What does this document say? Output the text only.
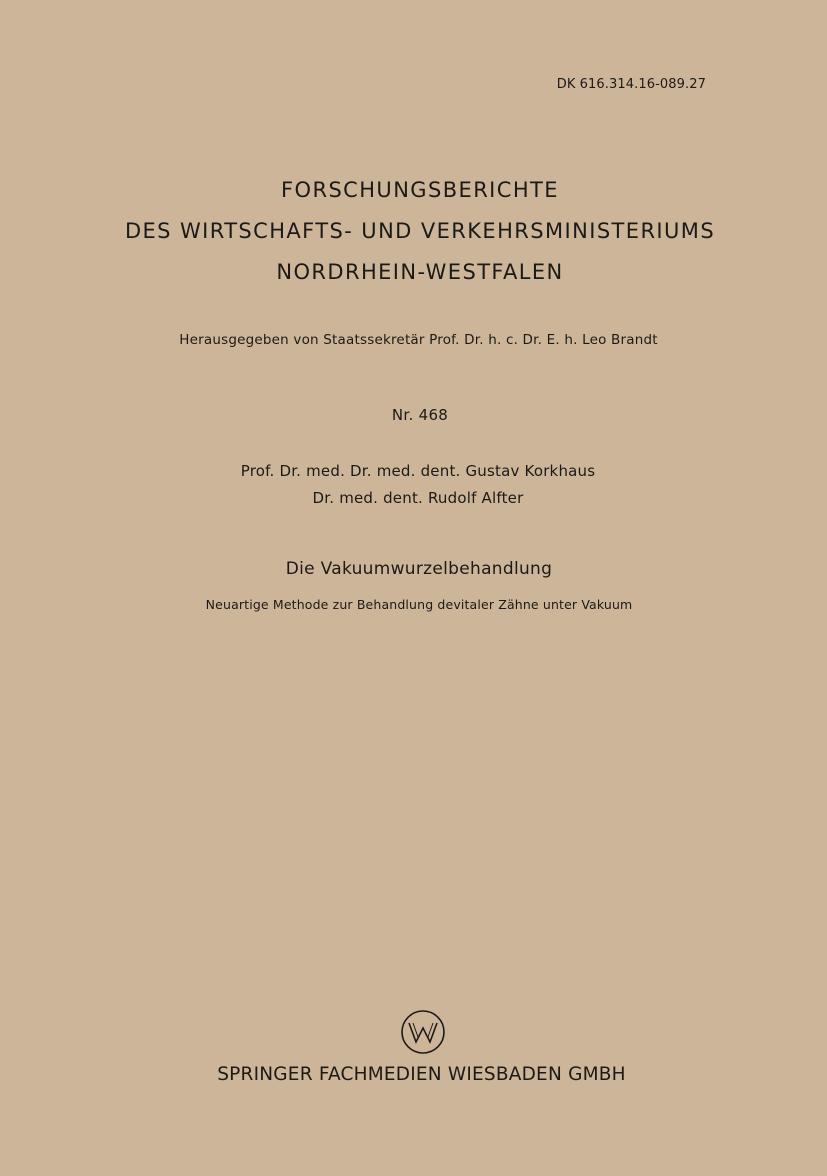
DK 616.314.16-089.27
FORSCHUNGSBERICHTE
DES WIRTSCHAFTS- UND VERKEHRSMINISTERIUMS
NORDRHEIN-WESTFALEN
Herausgegeben von Staatssekretär Prof. Dr. h. c. Dr. E. h. Leo Brandt
Nr. 468
Prof. Dr. med. Dr. med. dent. Gustav Korkhaus
Dr. med. dent. Rudolf Alfter
Die Vakuumwurzelbehandlung
Neuartige Methode zur Behandlung devitaler Zähne unter Vakuum
SPRINGER FACHMEDIEN WIESBADEN GMBH
